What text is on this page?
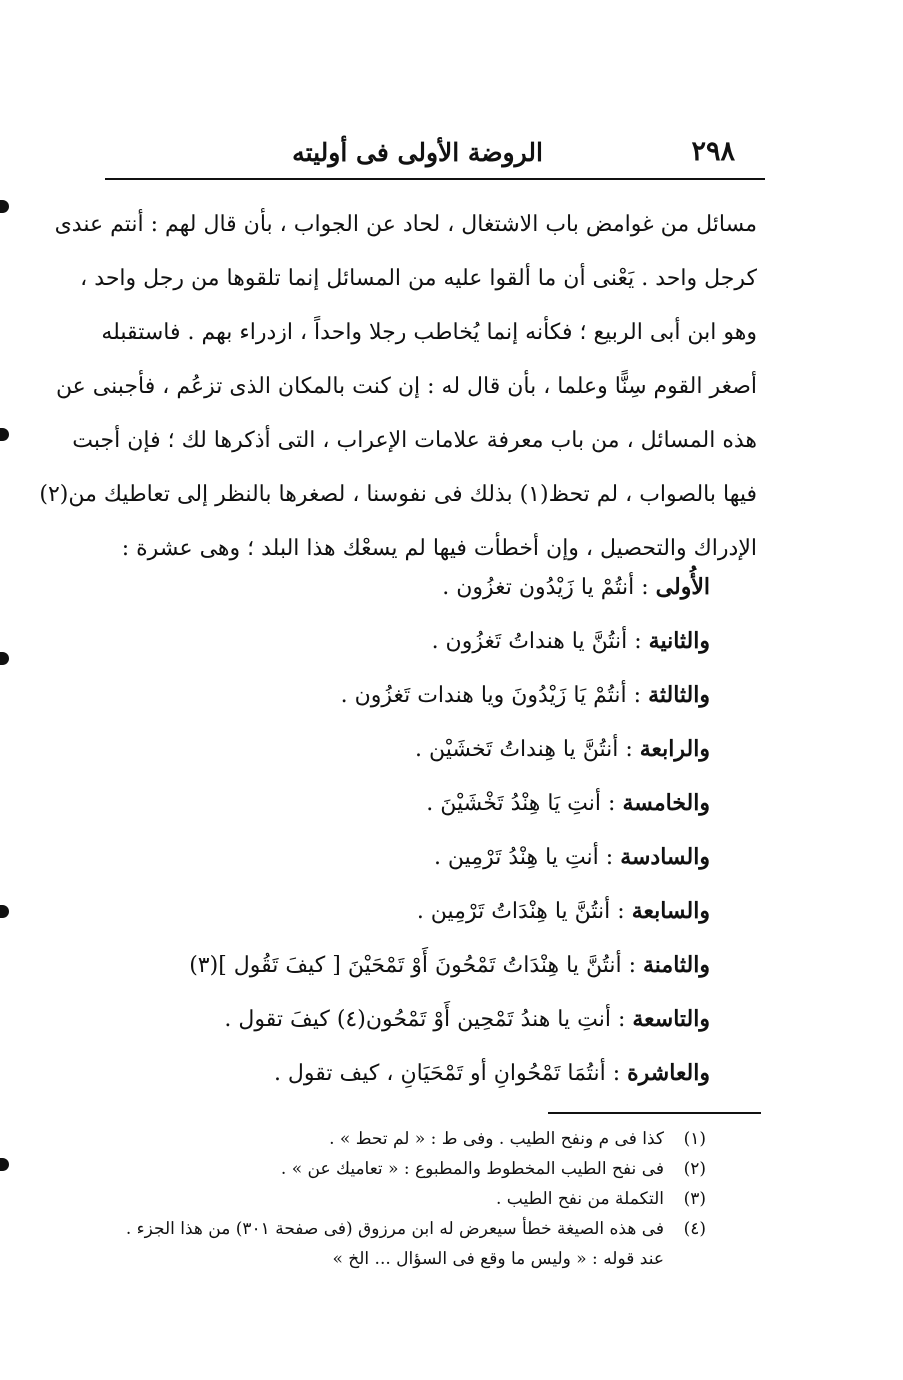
٢٩٨
الروضة الأولى فى أوليته
مسائل من غوامض باب الاشتغال ، لحاد عن الجواب ، بأن قال لهم : أنتم عندى
كرجل واحد . يَعْنى أن ما ألقوا عليه من المسائل إنما تلقوها من رجل واحد ،
وهو ابن أبى الربيع ؛ فكأنه إنما يُخاطب رجلا واحداً ، ازدراء بهم . فاستقبله
أصغر القوم سِنًّا وعلما ، بأن قال له : إن كنت بالمكان الذى تزعُم ، فأجبنى عن
هذه المسائل ، من باب معرفة علامات الإعراب ، التى أذكرها لك ؛ فإن أجبت
فيها بالصواب ، لم تحظ(١) بذلك فى نفوسنا ، لصغرها بالنظر إلى تعاطيك من(٢)
الإدراك والتحصيل ، وإن أخطأت فيها لم يسعْك هذا البلد ؛ وهى عشرة :
الأُولى : أنتُمْ يا زَيْدُون تغزُون .
والثانية : أنتُنَّ يا هنداتُ تَغزُون .
والثالثة : أنتُمْ يَا زَيْدُونَ ويا هندات تَغزُون .
والرابعة : أنتُنَّ يا هِنداتُ تَخشَيْن .
والخامسة : أنتِ يَا هِنْدُ تَخْشَيْنَ .
والسادسة : أنتِ يا هِنْدُ تَرْمِين .
والسابعة : أنتُنَّ يا هِنْدَاتُ تَرْمِين .
والثامنة : أنتُنَّ يا هِنْدَاتُ تَمْحُونَ أَوْ تَمْحَيْنَ [ كيفَ تَقُول ](٣)
والتاسعة : أنتِ يا هندُ تَمْحِين أَوْ تَمْحُون(٤) كيفَ تقول .
والعاشرة : أنتُمَا تَمْحُوانِ أو تَمْحَيَانِ ، كيف تقول .
(١)كذا فى م ونفح الطيب . وفى ط : « لم تحط » .
(٢)فى نفح الطيب المخطوط والمطبوع : « تعاميك عن » .
(٣)التكملة من نفح الطيب .
(٤)فى هذه الصيغة خطأ سيعرض له ابن مرزوق (فى صفحة ٣٠١) من هذا الجزء .
عند قوله : « وليس ما وقع فى السؤال ... الخ »
